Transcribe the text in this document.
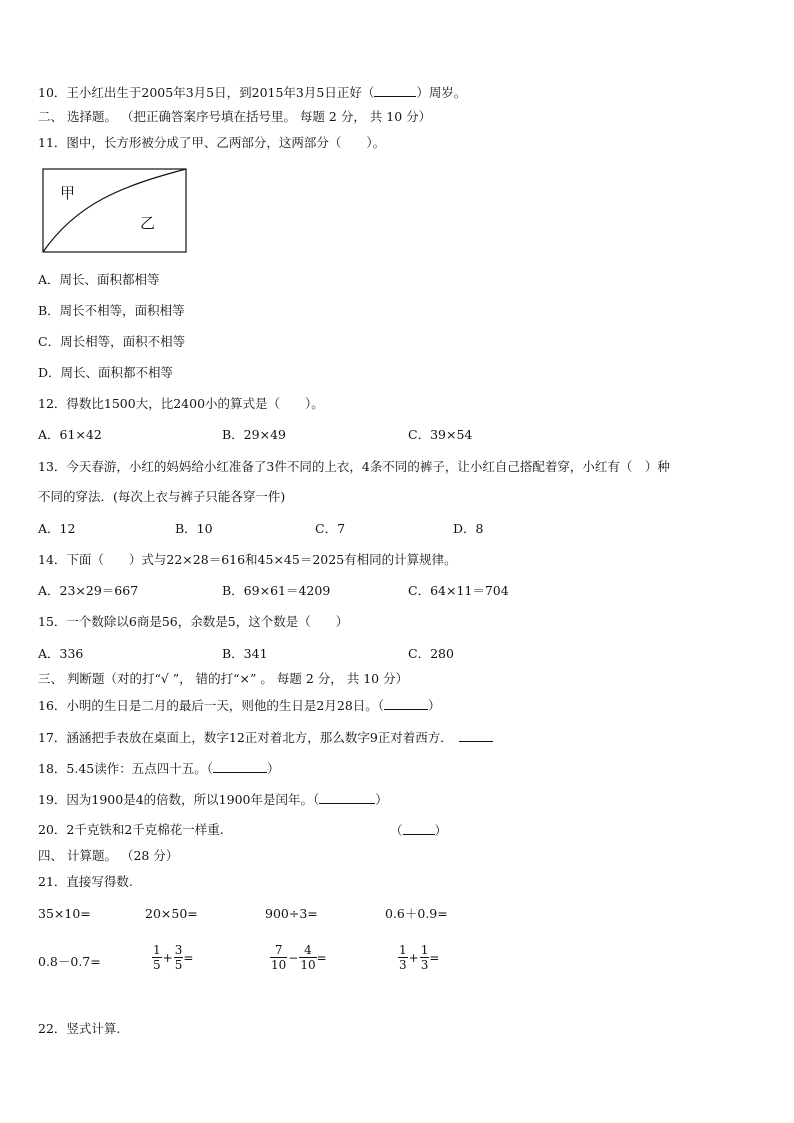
10．王小红出生于2005年3月5日，到2015年3月5日正好（	）周岁。
二、 选择题。 （把正确答案序号填在括号里。 每题 2 分， 共 10 分）
11．图中，长方形被分成了甲、乙两部分，这两部分（　　）。
甲
乙
A．周长、面积都相等
B．周长不相等，面积相等
C．周长相等，面积不相等
D．周长、面积都不相等
12．得数比1500大，比2400小的算式是（　　）。
A．61×42	B．29×49	C．39×54
13．今天春游，小红的妈妈给小红准备了3件不同的上衣，4条不同的裤子，让小红自己搭配着穿，小红有（　）种
不同的穿法．(每次上衣与裤子只能各穿一件)
A．12	B．10	C．7	D．8
14．下面（　　）式与22×28＝616和45×45＝2025有相同的计算规律。
A．23×29＝667	B．69×61＝4209	C．64×11＝704
15．一个数除以6商是56，余数是5，这个数是（　　）
A．336	B．341	C．280
三、 判断题（对的打“√ ”， 错的打“×” 。 每题 2 分， 共 10 分）
16．小明的生日是二月的最后一天，则他的生日是2月28日。（	）
17．涵涵把手表放在桌面上，数字12正对着北方，那么数字9正对着西方．
18．5.45读作：五点四十五。（	）
19．因为1900是4的倍数，所以1900年是闰年。（	）
20．2千克铁和2千克棉花一样重.	（	）
四、 计算题。 （28 分）
21．直接写得数.
35×10=	20×50=	900÷3=	0.6＋0.9=
0.8－0.7=	$\frac{1}{5} + \frac{3}{5}$ =	$\frac{7}{10} - \frac{4}{10}$ =	$\frac{1}{3} + \frac{1}{3}$ =
22．竖式计算.
